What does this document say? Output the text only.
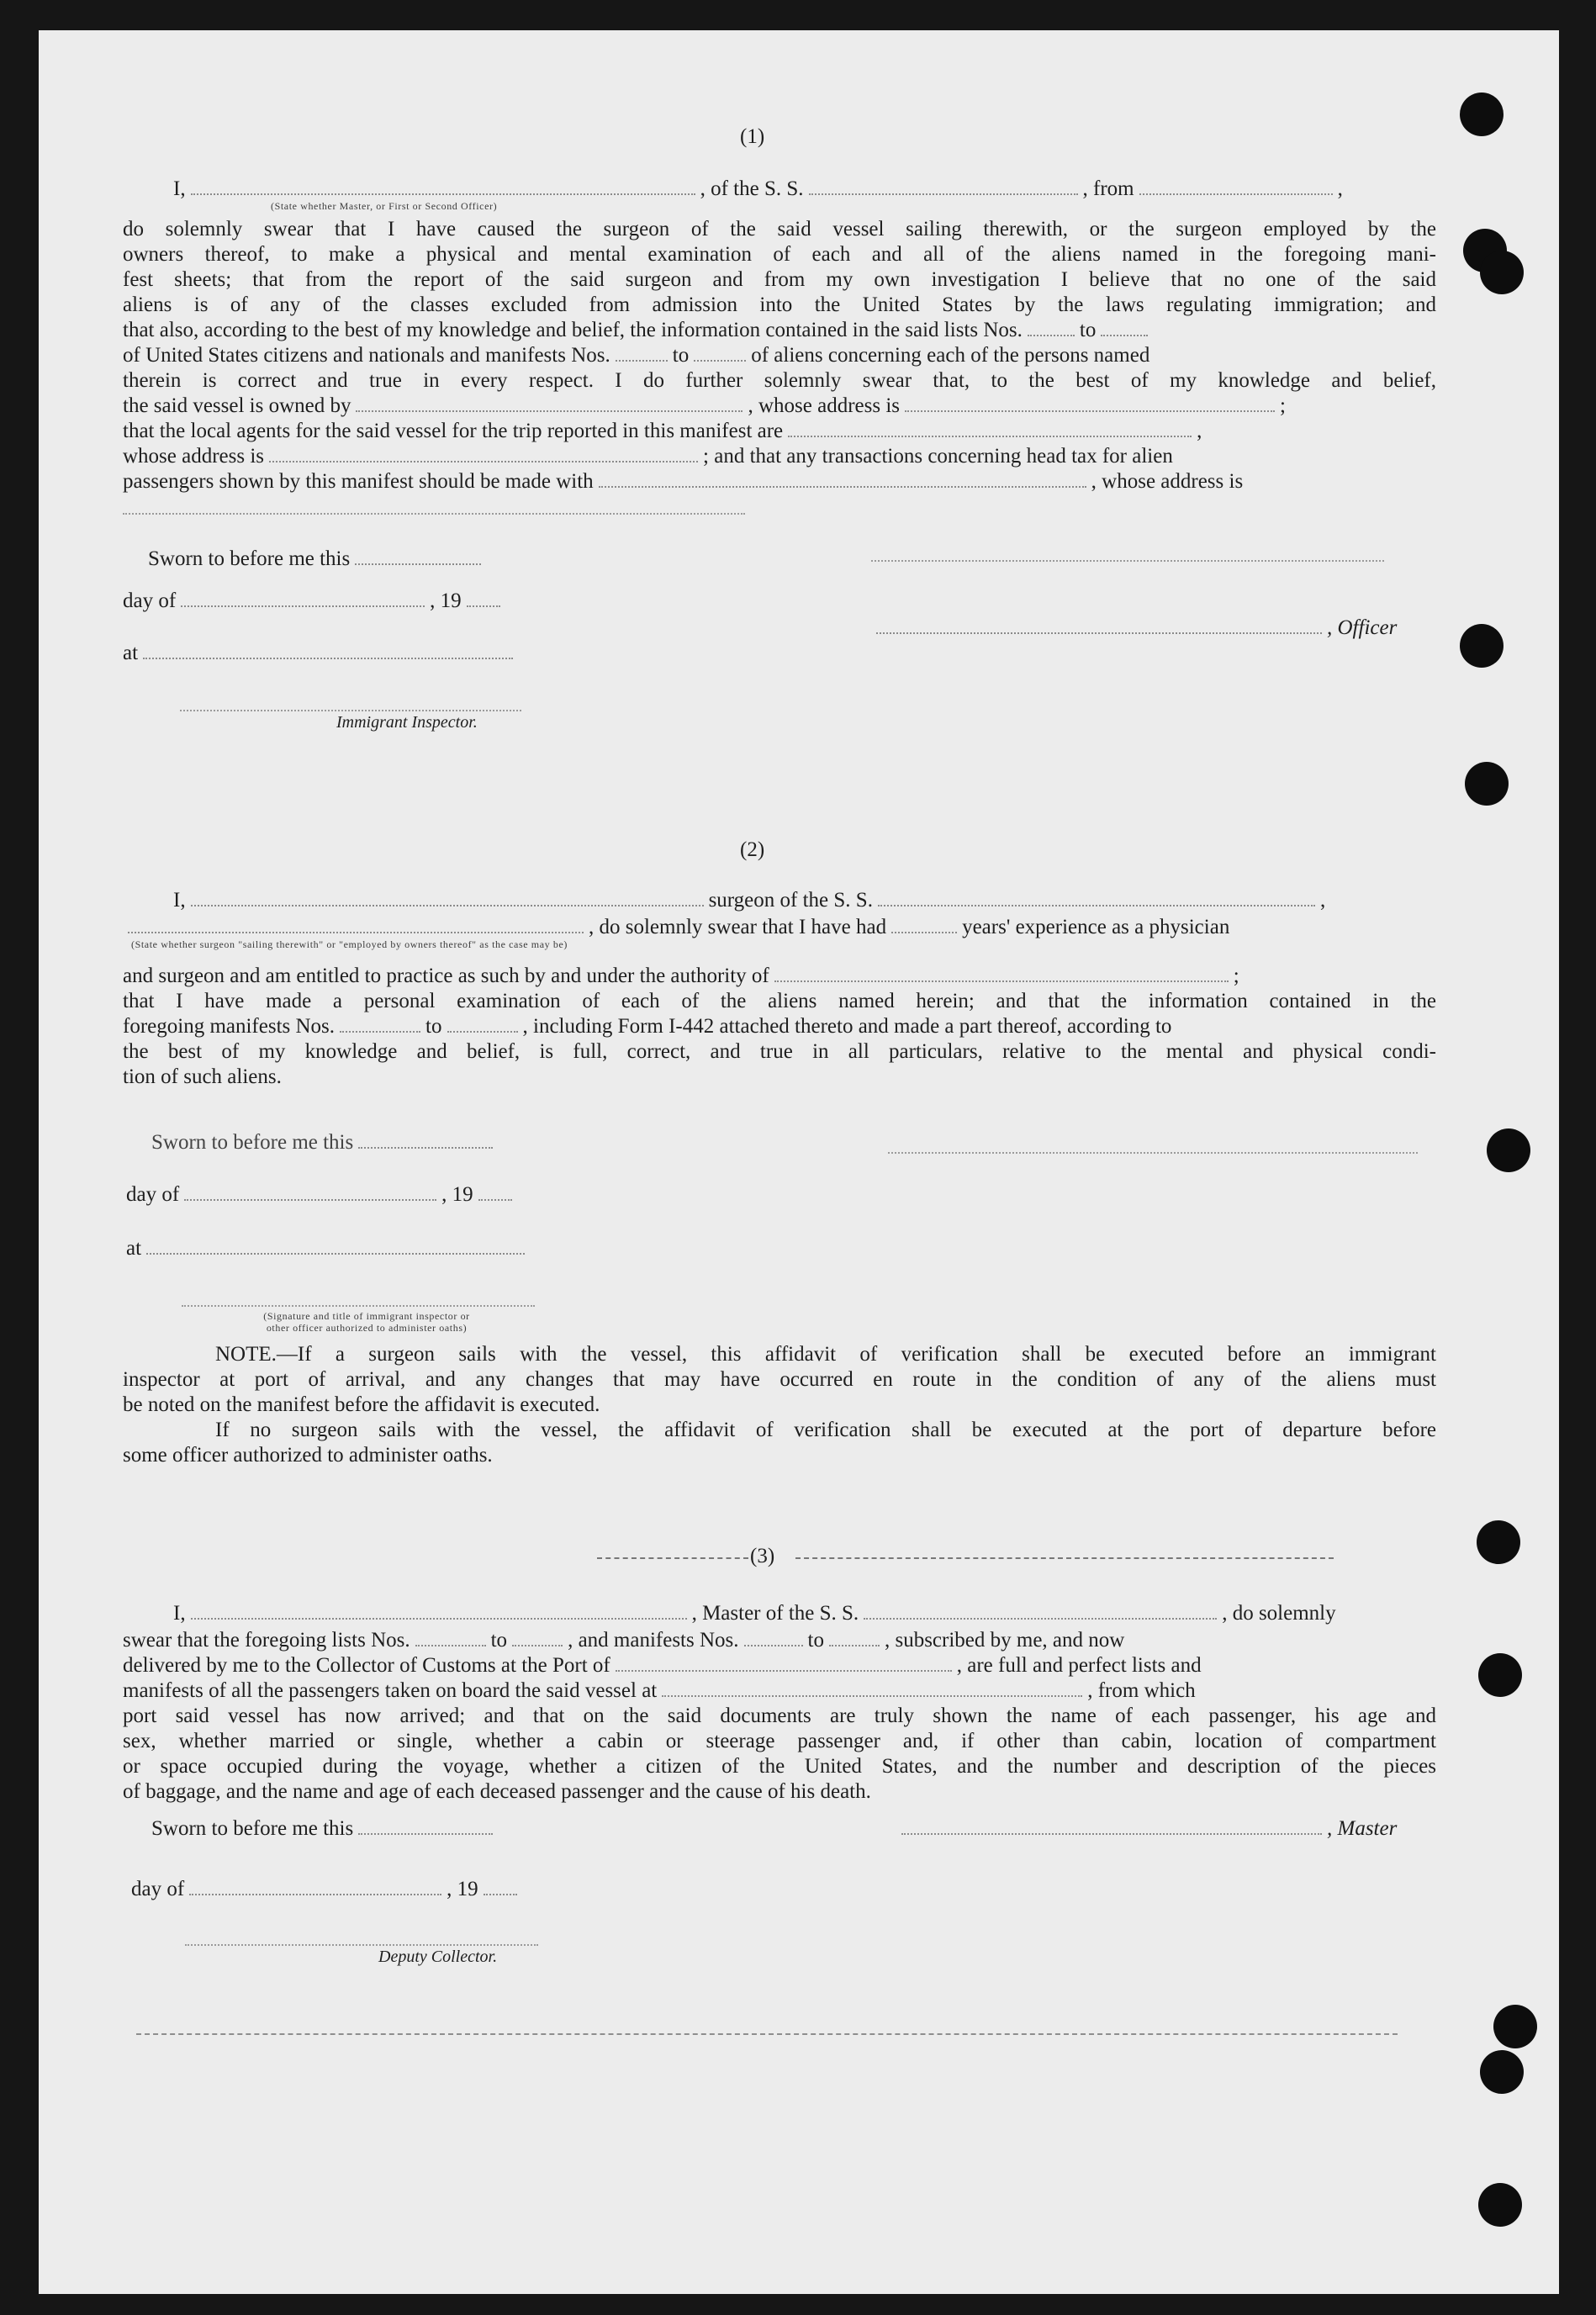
(1)
I,	, of the S. S.	, from	,
(State whether Master, or First or Second Officer)

do solemnly swear that I have caused the surgeon of the said vessel sailing therewith, or the surgeon employed by the

owners thereof, to make a physical and mental examination of each and all of the aliens named in the foregoing mani-

fest sheets; that from the report of the said surgeon and from my own investigation I believe that no one of the said

aliens is of any of the classes excluded from admission into the United States by the laws regulating immigration; and

that also, according to the best of my knowledge and belief, the information contained in the said lists Nos.	to

of United States citizens and nationals and manifests Nos.	to	of aliens concerning each of the persons named

therein is correct and true in every respect. I do further solemnly swear that, to the best of my knowledge and belief,

the said vessel is owned by	, whose address is	;

that the local agents for the said vessel for the trip reported in this manifest are	,

whose address is	; and that any transactions concerning head tax for alien

passengers shown by this manifest should be made with	, whose address is

Sworn to before me this
day of	, 19
, Officer
at
Immigrant Inspector.
(2)
I,	surgeon of the S. S.	,
, do solemnly swear that I have had	years' experience as a physician
(State whether surgeon "sailing therewith" or "employed by owners thereof" as the case may be)

and surgeon and am entitled to practice as such by and under the authority of	;

that I have made a personal examination of each of the aliens named herein; and that the information contained in the

foregoing manifests Nos.	to	, including Form I-442 attached thereto and made a part thereof, according to

the best of my knowledge and belief, is full, correct, and true in all particulars, relative to the mental and physical condi-

tion of such aliens.

Sworn to before me this
day of	, 19
at
(Signature and title of immigrant inspector or
other officer authorized to administer oaths)

NOTE.—If a surgeon sails with the vessel, this affidavit of verification shall be executed before an immigrant

inspector at port of arrival, and any changes that may have occurred en route in the condition of any of the aliens must

be noted on the manifest before the affidavit is executed.

If no surgeon sails with the vessel, the affidavit of verification shall be executed at the port of departure before

some officer authorized to administer oaths.

(3)
I,	, Master of the S. S.	, do solemnly

swear that the foregoing lists Nos.	to	, and manifests Nos.	to	, subscribed by me, and now

delivered by me to the Collector of Customs at the Port of	, are full and perfect lists and

manifests of all the passengers taken on board the said vessel at	, from which

port said vessel has now arrived; and that on the said documents are truly shown the name of each passenger, his age and

sex, whether married or single, whether a cabin or steerage passenger and, if other than cabin, location of compartment

or space occupied during the voyage, whether a citizen of the United States, and the number and description of the pieces

of baggage, and the name and age of each deceased passenger and the cause of his death.

Sworn to before me this	, Master
day of	, 19
Deputy Collector.
